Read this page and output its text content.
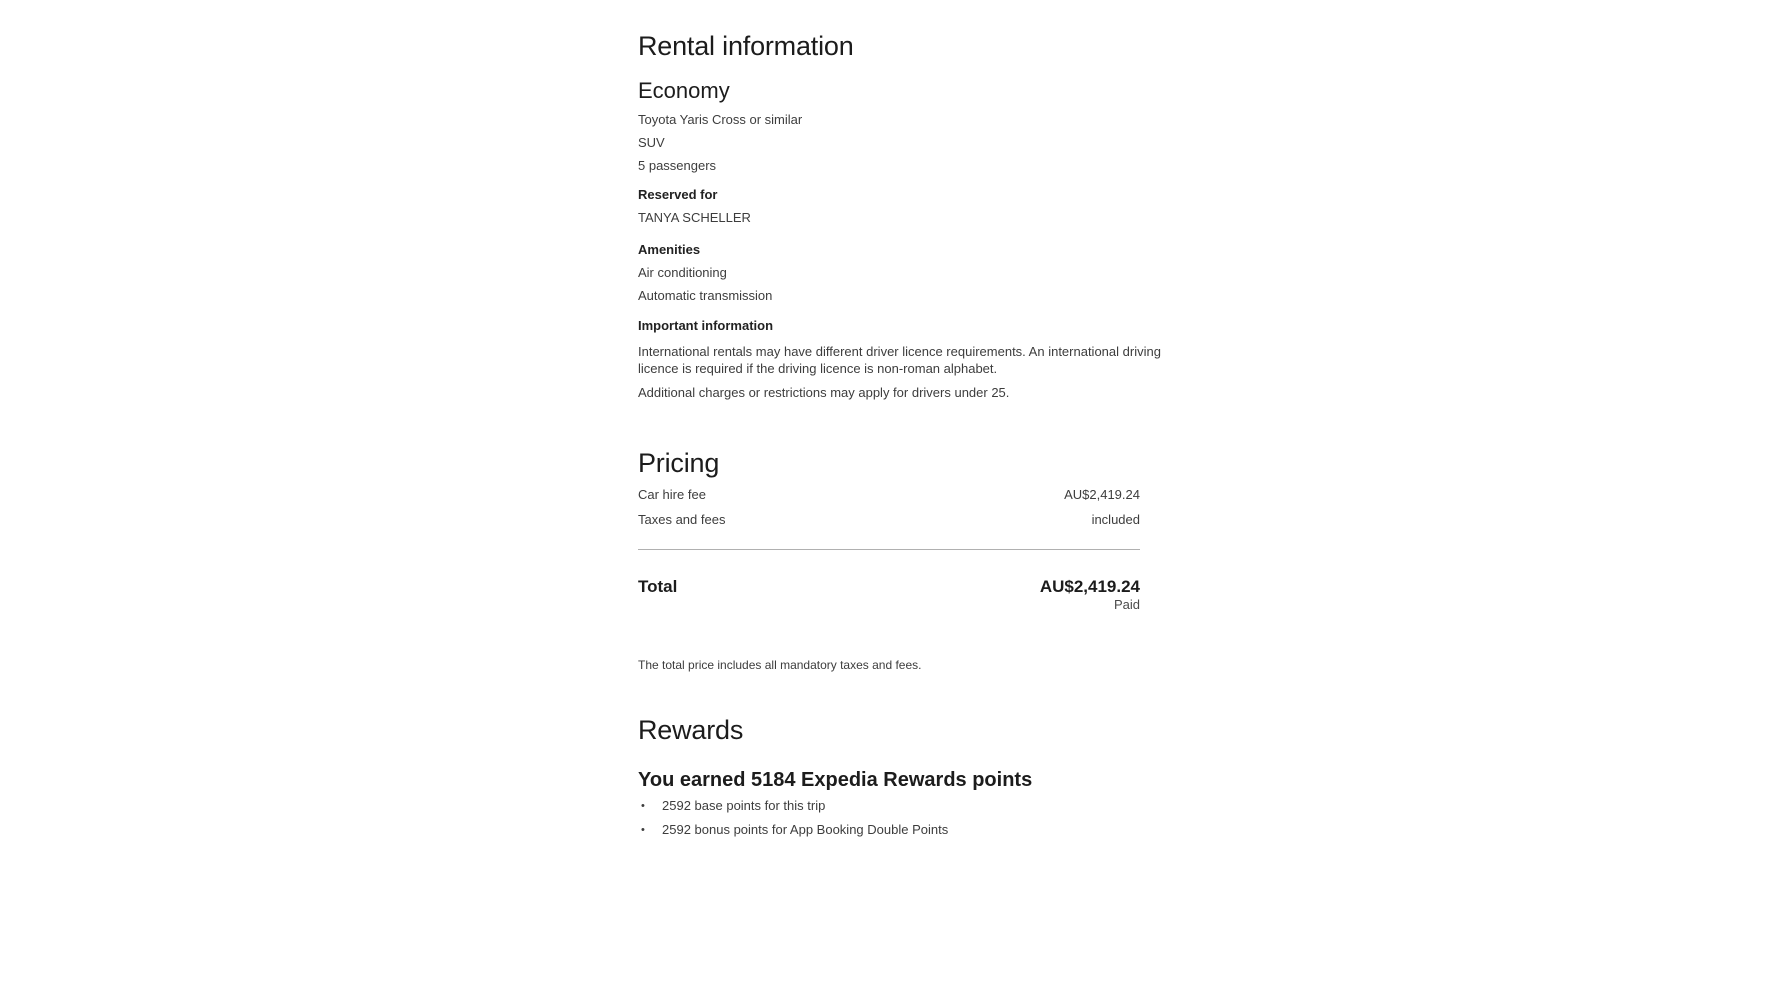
Rental information
Economy

Toyota Yaris Cross or similar

SUV

5 passengers

Reserved for

TANYA SCHELLER

Amenities

Air conditioning

Automatic transmission

Important information

International rentals may have different driver licence requirements. An international driving licence is required if the driving licence is non-roman alphabet.

Additional charges or restrictions may apply for drivers under 25.

Pricing
Car hire fee	AU$2,419.24
Taxes and fees	included
Total	AU$2,419.24

Paid

The total price includes all mandatory taxes and fees.

Rewards
You earned 5184 Expedia Rewards points
•	2592 base points for this trip
•	2592 bonus points for App Booking Double Points
